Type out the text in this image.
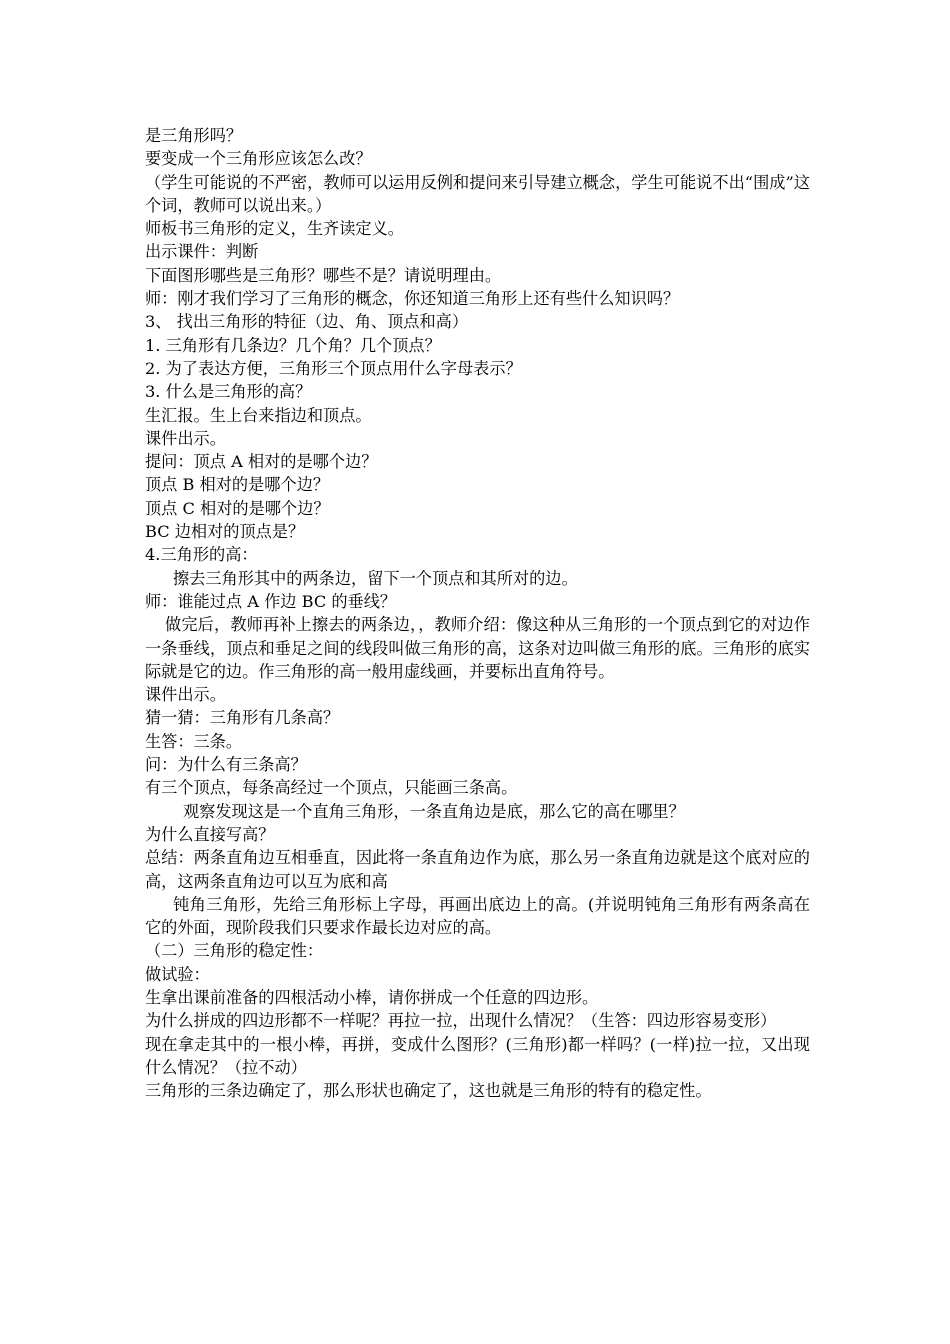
是三角形吗？

要变成一个三角形应该怎么改？

（学生可能说的不严密，教师可以运用反例和提问来引导建立概念，学生可能说不出“围成”这个词，教师可以说出来。）

师板书三角形的定义，生齐读定义。

出示课件：判断

下面图形哪些是三角形？哪些不是？请说明理由。

师：刚才我们学习了三角形的概念，你还知道三角形上还有些什么知识吗？

3、 找出三角形的特征（边、角、顶点和高）

1. 三角形有几条边？几个角？几个顶点？

2. 为了表达方便，三角形三个顶点用什么字母表示？

3. 什么是三角形的高？

生汇报。生上台来指边和顶点。

课件出示。

提问：顶点 A 相对的是哪个边？

顶点 B 相对的是哪个边？

顶点 C 相对的是哪个边？

BC 边相对的顶点是？

4.三角形的高：

擦去三角形其中的两条边，留下一个顶点和其所对的边。

师：谁能过点 A 作边 BC 的垂线？

做完后，教师再补上擦去的两条边，，教师介绍：像这种从三角形的一个顶点到它的对边作一条垂线，顶点和垂足之间的线段叫做三角形的高，这条对边叫做三角形的底。三角形的底实际就是它的边。作三角形的高一般用虚线画，并要标出直角符号。

课件出示。

猜一猜：三角形有几条高？

生答：三条。

问：为什么有三条高？

有三个顶点，每条高经过一个顶点，只能画三条高。

观察发现这是一个直角三角形，一条直角边是底，那么它的高在哪里？

为什么直接写高？

总结：两条直角边互相垂直，因此将一条直角边作为底，那么另一条直角边就是这个底对应的高，这两条直角边可以互为底和高

钝角三角形，先给三角形标上字母，再画出底边上的高。(并说明钝角三角形有两条高在它的外面，现阶段我们只要求作最长边对应的高。

（二）三角形的稳定性：

做试验：

生拿出课前准备的四根活动小棒，请你拼成一个任意的四边形。

为什么拼成的四边形都不一样呢？再拉一拉，出现什么情况？（生答：四边形容易变形）

现在拿走其中的一根小棒，再拼，变成什么图形？(三角形)都一样吗？(一样)拉一拉，又出现什么情况？（拉不动）

三角形的三条边确定了，那么形状也确定了，这也就是三角形的特有的稳定性。
